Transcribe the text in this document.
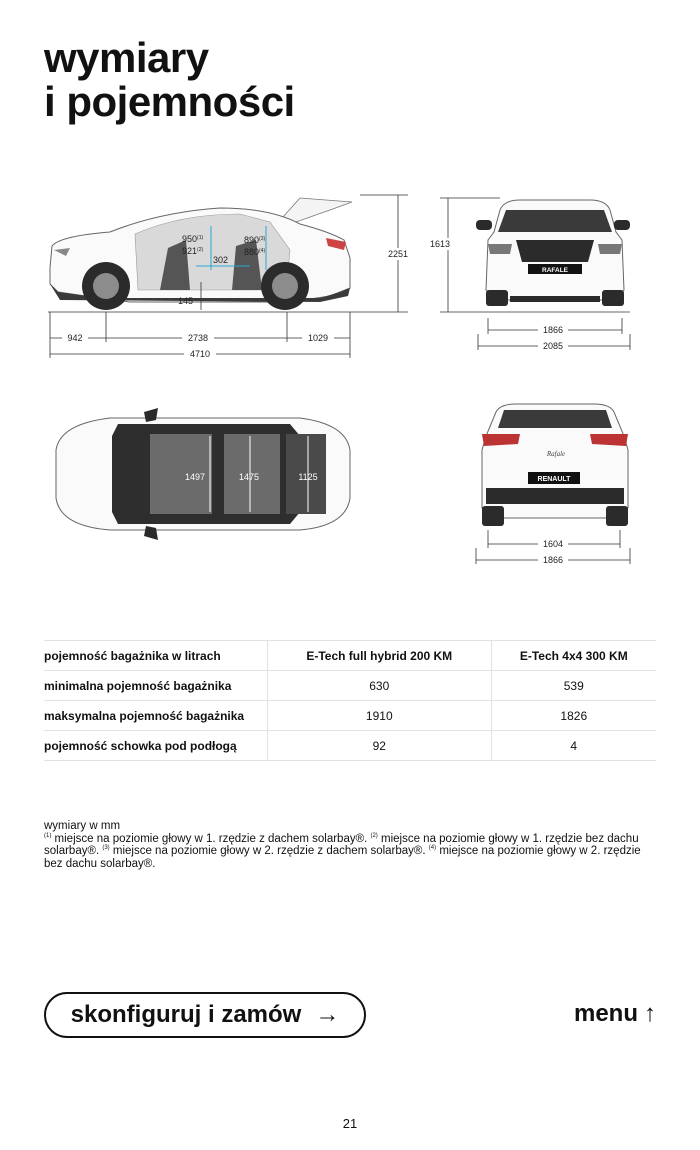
wymiary
i pojemności
950$^{(1)}$
921$^{(2)}$
890$^{(3)}$
880$^{(4)}$
302
145
942	2738	1029
4710
2251
RAFALE
1613
1866
2085
1497	1475	1125
Rafale
RENAULT
1604
1866
pojemność bagażnika w litrach	E-Tech full hybrid 200 KM	E-Tech 4x4 300 KM
minimalna pojemność bagażnika	630	539
maksymalna pojemność bagażnika	1910	1826
pojemność schowka pod podłogą	92	4

wymiary w mm
$^{(1)}$ miejsce na poziomie głowy w 1. rzędzie z dachem solarbay®. $^{(2)}$ miejsce na poziomie głowy w 1. rzędzie bez dachu solarbay®. $^{(3)}$ miejsce na poziomie głowy w 2. rzędzie z dachem solarbay®. $^{(4)}$ miejsce na poziomie głowy w 2. rzędzie bez dachu solarbay®.

skonfiguruj i zamów →	menu ↑
21
